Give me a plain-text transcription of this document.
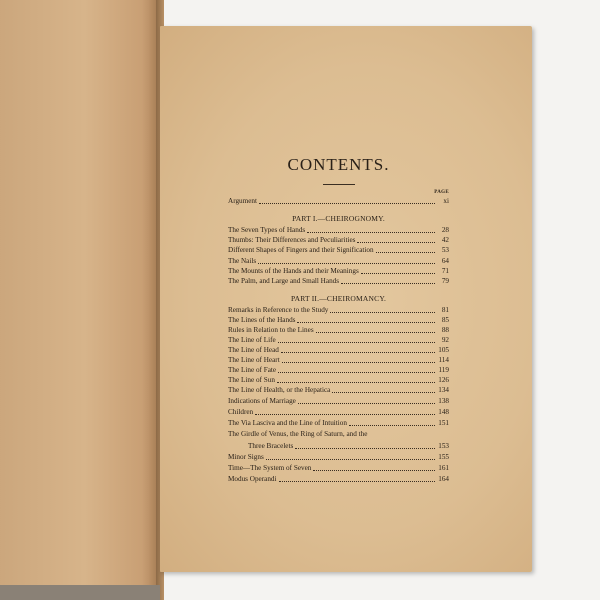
CONTENTS.
PAGE
Argument	xi
PART I.—CHEIROGNOMY.
The Seven Types of Hands	28
Thumbs: Their Differences and Peculiarities	42
Different Shapes of Fingers and their Signification	53
The Nails	64
The Mounts of the Hands and their Meanings	71
The Palm, and Large and Small Hands	79
PART II.—CHEIROMANCY.
Remarks in Reference to the Study	81
The Lines of the Hands	85
Rules in Relation to the Lines	88
The Line of Life	92
The Line of Head	105
The Line of Heart	114
The Line of Fate	119
The Line of Sun	126
The Line of Health, or the Hepatica	134
Indications of Marriage	138
Children	148
The Via Lasciva and the Line of Intuition	151
The Girdle of Venus, the Ring of Saturn, and the
Three Bracelets	153
Minor Signs	155
Time—The System of Seven	161
Modus Operandi	164
